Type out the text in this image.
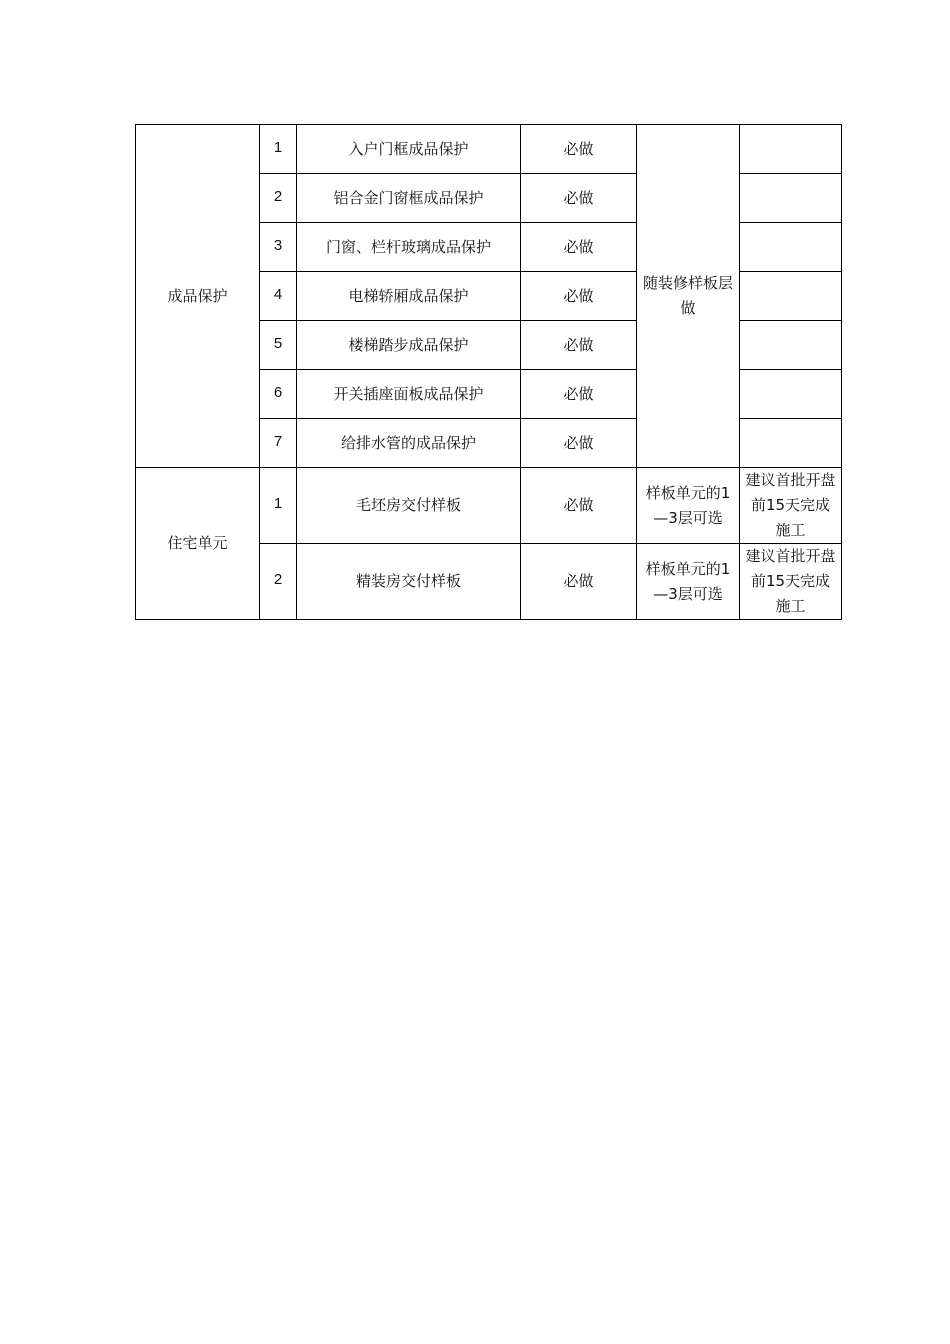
成品保护	1	入户门框成品保护	必做	随装修样板层做	
	2	铝合金门窗框成品保护	必做		
	3	门窗、栏杆玻璃成品保护	必做		
	4	电梯轿厢成品保护	必做		
	5	楼梯踏步成品保护	必做		
	6	开关插座面板成品保护	必做		
	7	给排水管的成品保护	必做		
住宅单元	1	毛坯房交付样板	必做	样板单元的1—3层可选	建议首批开盘前15天完成施工
	2	精装房交付样板	必做	样板单元的1—3层可选	建议首批开盘前15天完成施工
